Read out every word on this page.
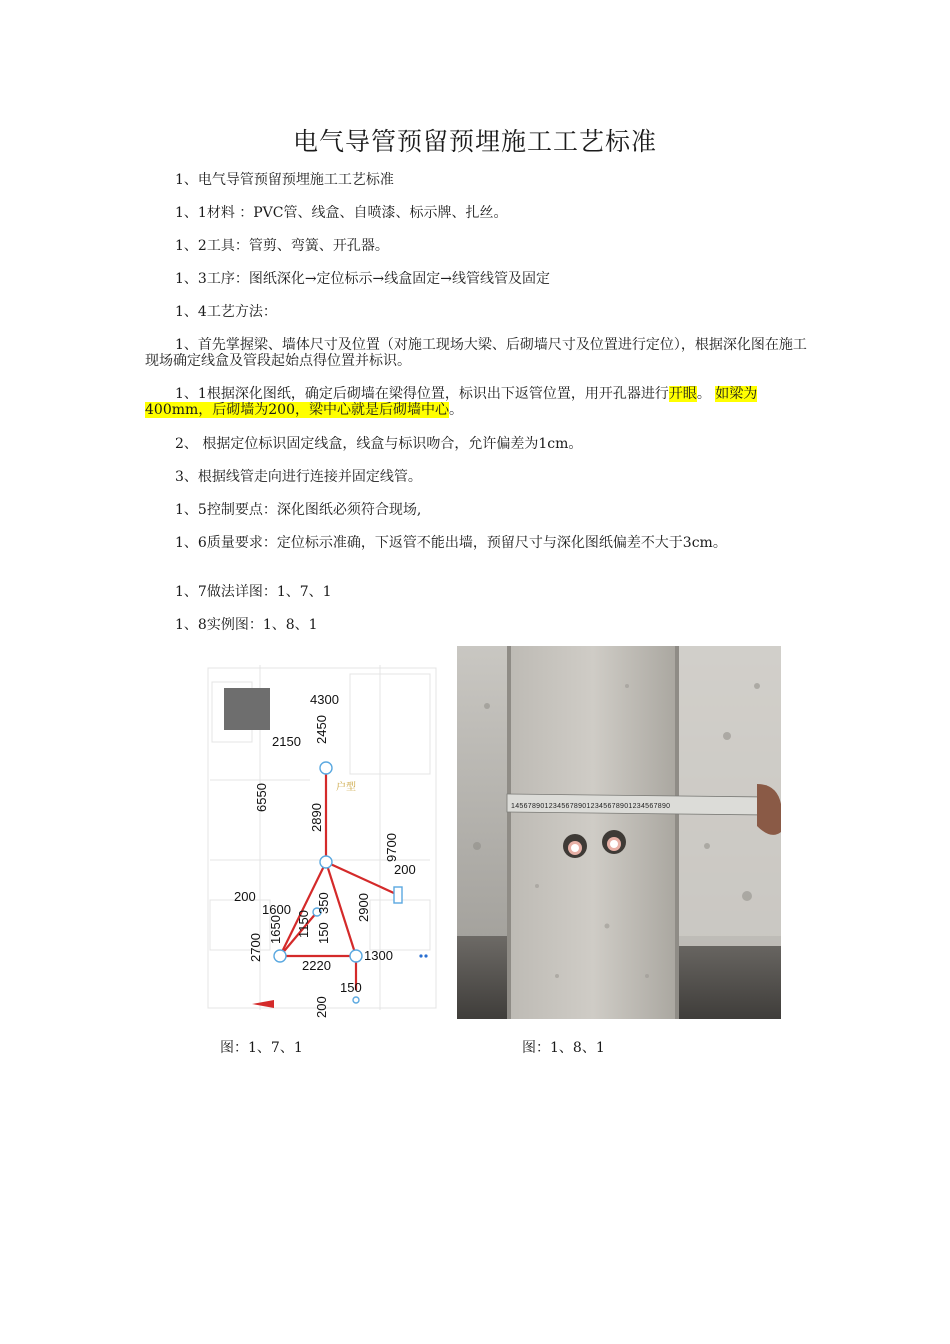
电气导管预留预埋施工工艺标准
1、电气导管预留预埋施工工艺标准
1、1材料 ：PVC管、线盒、自喷漆、标示牌、扎丝。
1、2工具：管剪、弯簧、开孔器。
1、3工序：图纸深化→定位标示→线盒固定→线管线管及固定
1、4工艺方法：
1、首先掌握梁、墙体尺寸及位置（对施工现场大梁、后砌墙尺寸及位置进行定位），根据深化图在施工现场确定线盒及管段起始点得位置并标识。
1、1根据深化图纸，确定后砌墙在梁得位置，标识出下返管位置，用开孔器进行开眼。 如梁为400mm，后砌墙为200，梁中心就是后砌墙中心。
2、 根据定位标识固定线盒，线盒与标识吻合，允许偏差为1cm。
3、根据线管走向进行连接并固定线管。
1、5控制要点：深化图纸必须符合现场,
1、6质量要求：定位标示准确，下返管不能出墙，预留尺寸与深化图纸偏差不大于3cm。
1、7做法详图：1、7、1
1、8实例图：1、8、1
4300
2450
2150
6550	户型
2890
9700
200
200
1600 350
1150
1650	150
2900
2700	1300
2220
150
200
14567890123456789012345678901234567890
图：1、7、1	图：1、8、1
